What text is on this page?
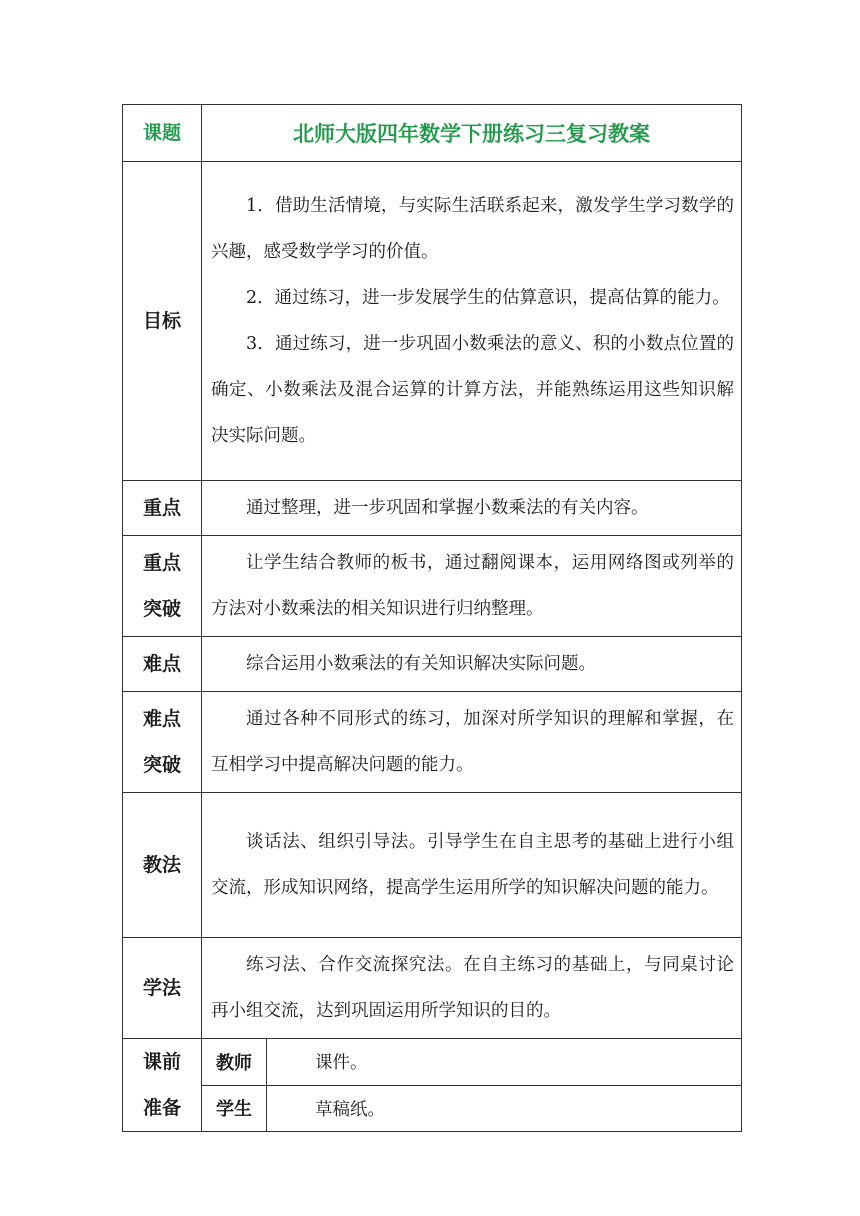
课题	北师大版四年数学下册练习三复习教案	
目标	1．借助生活情境，与实际生活联系起来，激发学生学习数学的兴趣，感受数学学习的价值。

2．通过练习，进一步发展学生的估算意识，提高估算的能力。

3．通过练习，进一步巩固小数乘法的意义、积的小数点位置的确定、小数乘法及混合运算的计算方法，并能熟练运用这些知识解决实际问题。	

重点	通过整理，进一步巩固和掌握小数乘法的有关内容。	

重点
突破	让学生结合教师的板书，通过翻阅课本，运用网络图或列举的方法对小数乘法的相关知识进行归纳整理。	

难点	综合运用小数乘法的有关知识解决实际问题。	

难点
突破	通过各种不同形式的练习，加深对所学知识的理解和掌握，在互相学习中提高解决问题的能力。	

教法	谈话法、组织引导法。引导学生在自主思考的基础上进行小组交流，形成知识网络，提高学生运用所学的知识解决问题的能力。	

学法	练习法、合作交流探究法。在自主练习的基础上，与同桌讨论再小组交流，达到巩固运用所学知识的目的。	

课前
准备	教师	课件。
	学生	草稿纸。
